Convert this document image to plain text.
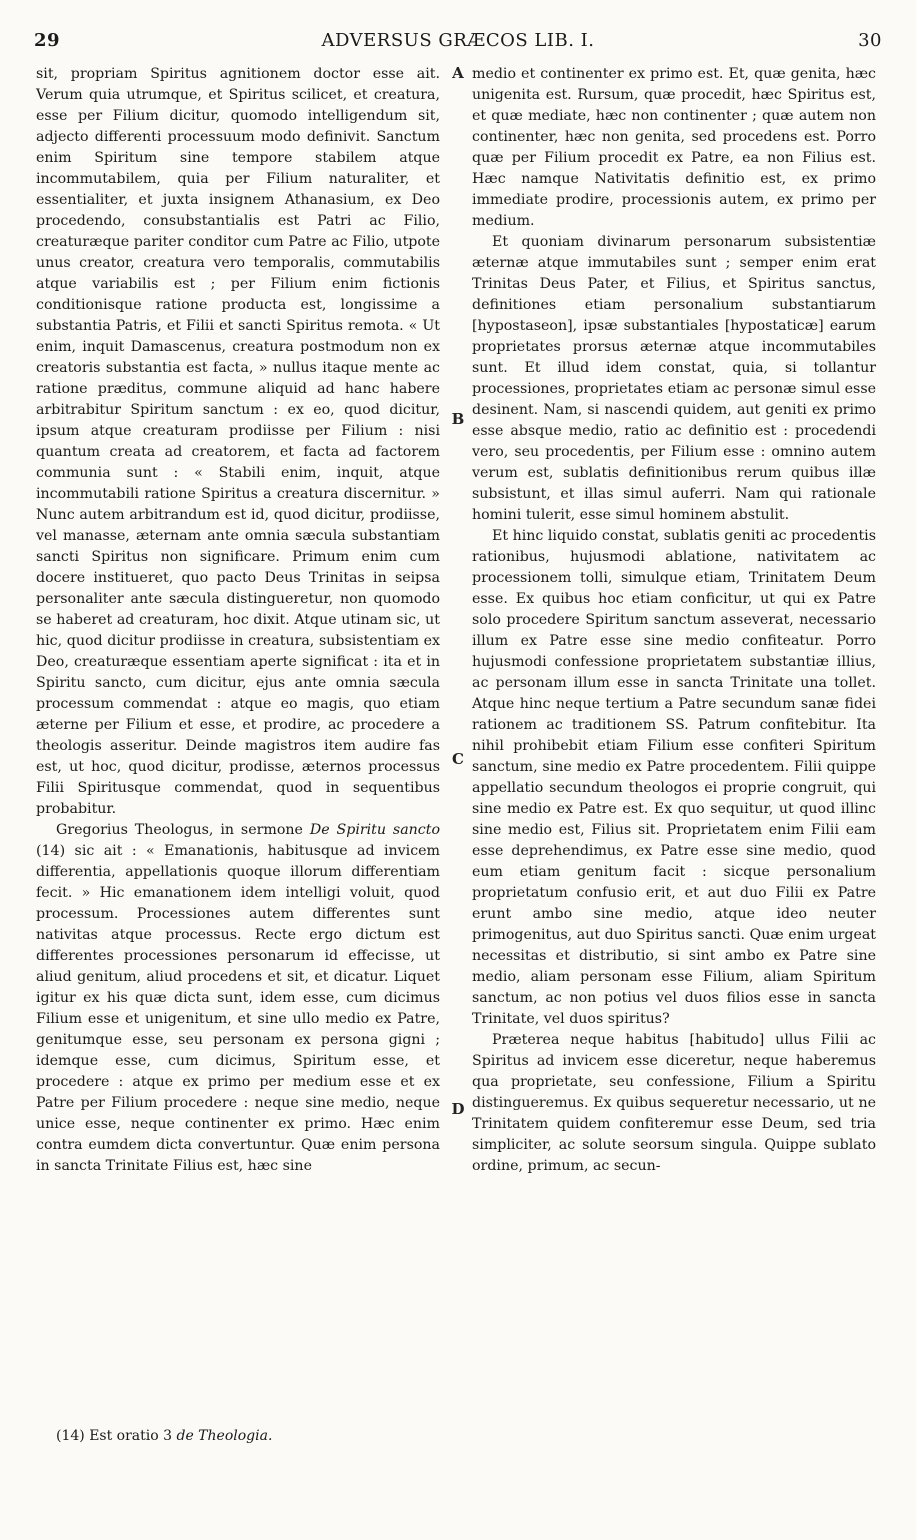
29	ADVERSUS GRÆCOS LIB. I.	30

sit, propriam Spiritus agnitionem doctor esse ait. Verum quia utrumque, et Spiritus scilicet, et creatura, esse per Filium dicitur, quomodo intelligendum sit, adjecto differenti processuum modo definivit. Sanctum enim Spiritum sine tempore stabilem atque incommutabilem, quia per Filium naturaliter, et essentialiter, et juxta insignem Athanasium, ex Deo procedendo, consubstantialis est Patri ac Filio, creaturæque pariter conditor cum Patre ac Filio, utpote unus creator, creatura vero temporalis, commutabilis atque variabilis est ; per Filium enim fictionis conditionisque ratione producta est, longissime a substantia Patris, et Filii et sancti Spiritus remota. « Ut enim, inquit Damascenus, creatura postmodum non ex creatoris substantia est facta, » nullus itaque mente ac ratione præditus, commune aliquid ad hanc habere arbitrabitur Spiritum sanctum : ex eo, quod dicitur, ipsum atque creaturam prodiisse per Filium : nisi quantum creata ad creatorem, et facta ad factorem communia sunt : « Stabili enim, inquit, atque incommutabili ratione Spiritus a creatura discernitur. » Nunc autem arbitrandum est id, quod dicitur, prodiisse, vel manasse, æternam ante omnia sæcula substantiam sancti Spiritus non significare. Primum enim cum docere institueret, quo pacto Deus Trinitas in seipsa personaliter ante sæcula distingueretur, non quomodo se haberet ad creaturam, hoc dixit. Atque utinam sic, ut hic, quod dicitur prodiisse in creatura, subsistentiam ex Deo, creaturæque essentiam aperte significat : ita et in Spiritu sancto, cum dicitur, ejus ante omnia sæcula processum commendat : atque eo magis, quo etiam æterne per Filium et esse, et prodire, ac procedere a theologis asseritur. Deinde magistros item audire fas est, ut hoc, quod dicitur, prodisse, æternos processus Filii Spiritusque commendat, quod in sequentibus probabitur.

Gregorius Theologus, in sermone De Spiritu sancto (14) sic ait : « Emanationis, habitusque ad invicem differentia, appellationis quoque illorum differentiam fecit. » Hic emanationem idem intelligi voluit, quod processum. Processiones autem differentes sunt nativitas atque processus. Recte ergo dictum est differentes processiones personarum id effecisse, ut aliud genitum, aliud procedens et sit, et dicatur. Liquet igitur ex his quæ dicta sunt, idem esse, cum dicimus Filium esse et unigenitum, et sine ullo medio ex Patre, genitumque esse, seu personam ex persona gigni ; idemque esse, cum dicimus, Spiritum esse, et procedere : atque ex primo per medium esse et ex Patre per Filium procedere : neque sine medio, neque unice esse, neque continenter ex primo. Hæc enim contra eumdem dicta convertuntur. Quæ enim persona in sancta Trinitate Filius est, hæc sine

A
B
C
D

medio et continenter ex primo est. Et, quæ genita, hæc unigenita est. Rursum, quæ procedit, hæc Spiritus est, et quæ mediate, hæc non continenter ; quæ autem non continenter, hæc non genita, sed procedens est. Porro quæ per Filium procedit ex Patre, ea non Filius est. Hæc namque Nativitatis definitio est, ex primo immediate prodire, processionis autem, ex primo per medium.

Et quoniam divinarum personarum subsistentiæ æternæ atque immutabiles sunt ; semper enim erat Trinitas Deus Pater, et Filius, et Spiritus sanctus, definitiones etiam personalium substantiarum [hypostaseon], ipsæ substantiales [hypostaticæ] earum proprietates prorsus æternæ atque incommutabiles sunt. Et illud idem constat, quia, si tollantur processiones, proprietates etiam ac personæ simul esse desinent. Nam, si nascendi quidem, aut geniti ex primo esse absque medio, ratio ac definitio est : procedendi vero, seu procedentis, per Filium esse : omnino autem verum est, sublatis definitionibus rerum quibus illæ subsistunt, et illas simul auferri. Nam qui rationale homini tulerit, esse simul hominem abstulit.

Et hinc liquido constat, sublatis geniti ac procedentis rationibus, hujusmodi ablatione, nativitatem ac processionem tolli, simulque etiam, Trinitatem Deum esse. Ex quibus hoc etiam conficitur, ut qui ex Patre solo procedere Spiritum sanctum asseverat, necessario illum ex Patre esse sine medio confiteatur. Porro hujusmodi confessione proprietatem substantiæ illius, ac personam illum esse in sancta Trinitate una tollet. Atque hinc neque tertium a Patre secundum sanæ fidei rationem ac traditionem SS. Patrum confitebitur. Ita nihil prohibebit etiam Filium esse confiteri Spiritum sanctum, sine medio ex Patre procedentem. Filii quippe appellatio secundum theologos ei proprie congruit, qui sine medio ex Patre est. Ex quo sequitur, ut quod illinc sine medio est, Filius sit. Proprietatem enim Filii eam esse deprehendimus, ex Patre esse sine medio, quod eum etiam genitum facit : sicque personalium proprietatum confusio erit, et aut duo Filii ex Patre erunt ambo sine medio, atque ideo neuter primogenitus, aut duo Spiritus sancti. Quæ enim urgeat necessitas et distributio, si sint ambo ex Patre sine medio, aliam personam esse Filium, aliam Spiritum sanctum, ac non potius vel duos filios esse in sancta Trinitate, vel duos spiritus?

Præterea neque habitus [habitudo] ullus Filii ac Spiritus ad invicem esse diceretur, neque haberemus qua proprietate, seu confessione, Filium a Spiritu distingueremus. Ex quibus sequeretur necessario, ut ne Trinitatem quidem confiteremur esse Deum, sed tria simpliciter, ac solute seorsum singula. Quippe sublato ordine, primum, ac secun-

(14) Est oratio 3 de Theologia.
